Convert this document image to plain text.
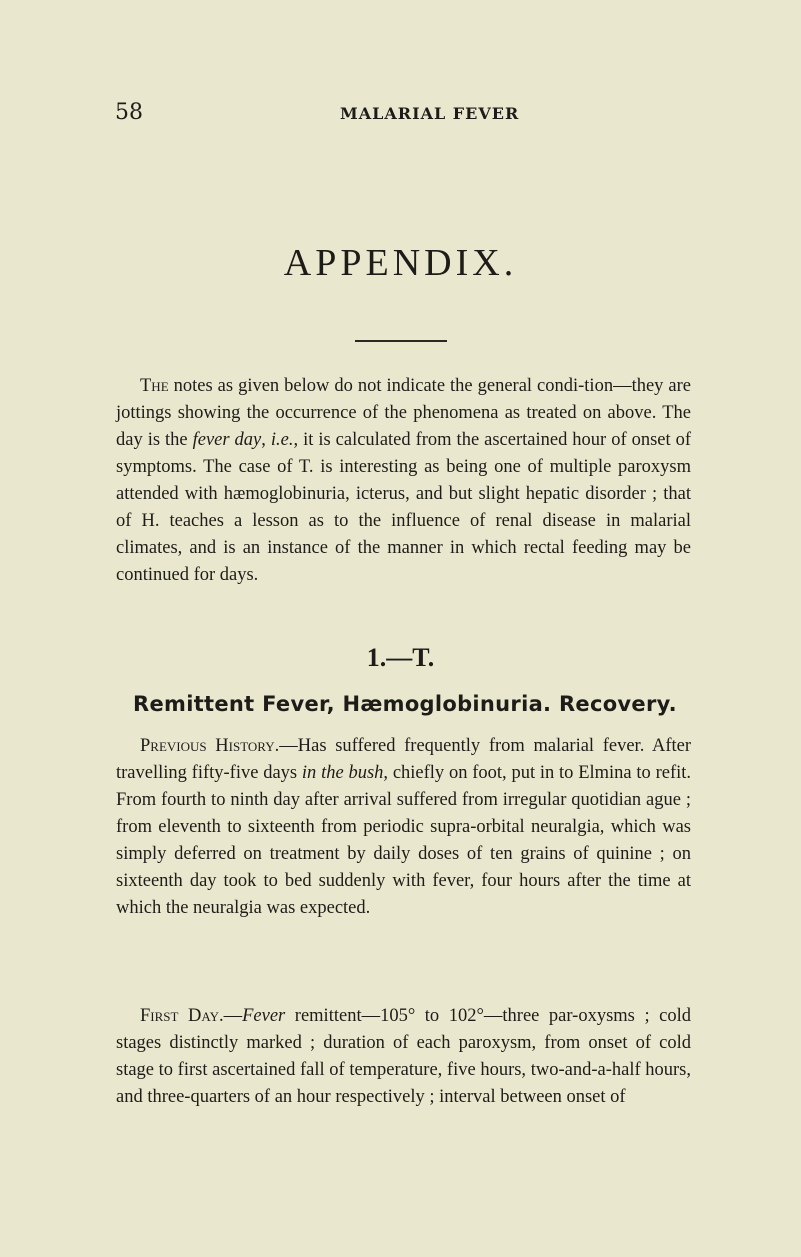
58	MALARIAL FEVER
APPENDIX.

The notes as given below do not indicate the general condi-tion—they are jottings showing the occurrence of the phenomena as treated on above. The day is the fever day, i.e., it is calculated from the ascertained hour of onset of symptoms. The case of T. is interesting as being one of multiple paroxysm attended with hæmoglobinuria, icterus, and but slight hepatic disorder ; that of H. teaches a lesson as to the influence of renal disease in malarial climates, and is an instance of the manner in which rectal feeding may be continued for days.

1.—T.
Remittent Fever, Hæmoglobinuria. Recovery.

Previous History.—Has suffered frequently from malarial fever. After travelling fifty-five days in the bush, chiefly on foot, put in to Elmina to refit. From fourth to ninth day after arrival suffered from irregular quotidian ague ; from eleventh to sixteenth from periodic supra-orbital neuralgia, which was simply deferred on treatment by daily doses of ten grains of quinine ; on sixteenth day took to bed suddenly with fever, four hours after the time at which the neuralgia was expected.

First Day.—Fever remittent—105° to 102°—three par-oxysms ; cold stages distinctly marked ; duration of each paroxysm, from onset of cold stage to first ascertained fall of temperature, five hours, two-and-a-half hours, and three-quarters of an hour respectively ; interval between onset of
